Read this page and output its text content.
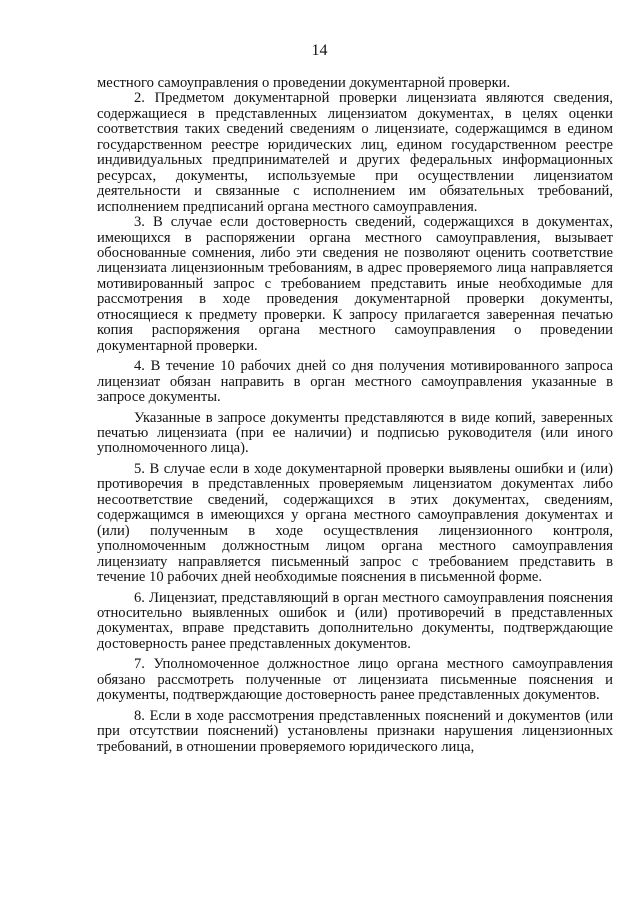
14

местного самоуправления о проведении документарной проверки.

2. Предметом документарной проверки лицензиата являются сведения, содержащиеся в представленных лицензиатом документах, в целях оценки соответствия таких сведений сведениям о лицензиате, содержащимся в едином государственном реестре юридических лиц, едином государственном реестре индивидуальных предпринимателей и других федеральных информационных ресурсах, документы, используемые при осуществлении лицензиатом деятельности и связанные с исполнением им обязательных требований, исполнением предписаний органа местного самоуправления.

3. В случае если достоверность сведений, содержащихся в документах, имеющихся в распоряжении органа местного самоуправления, вызывает обоснованные сомнения, либо эти сведения не позволяют оценить соответствие лицензиата лицензионным требованиям, в адрес проверяемого лица направляется мотивированный запрос с требованием представить иные необходимые для рассмотрения в ходе проведения документарной проверки документы, относящиеся к предмету проверки. К запросу прилагается заверенная печатью копия распоряжения органа местного самоуправления о проведении документарной проверки.

4. В течение 10 рабочих дней со дня получения мотивированного запроса лицензиат обязан направить в орган местного самоуправления указанные в запросе документы.

Указанные в запросе документы представляются в виде копий, заверенных печатью лицензиата (при ее наличии) и подписью руководителя (или иного уполномоченного лица).

5. В случае если в ходе документарной проверки выявлены ошибки и (или) противоречия в представленных проверяемым лицензиатом документах либо несоответствие сведений, содержащихся в этих документах, сведениям, содержащимся в имеющихся у органа местного самоуправления документах и (или) полученным в ходе осуществления лицензионного контроля, уполномоченным должностным лицом органа местного самоуправления лицензиату направляется письменный запрос с требованием представить в течение 10 рабочих дней необходимые пояснения в письменной форме.

6. Лицензиат, представляющий в орган местного самоуправления пояснения относительно выявленных ошибок и (или) противоречий в представленных документах, вправе представить дополнительно документы, подтверждающие достоверность ранее представленных документов.

7. Уполномоченное должностное лицо органа местного самоуправления обязано рассмотреть полученные от лицензиата письменные пояснения и документы, подтверждающие достоверность ранее представленных документов.

8. Если в ходе рассмотрения представленных пояснений и документов (или при отсутствии пояснений) установлены признаки нарушения лицензионных требований, в отношении проверяемого юридического лица,
